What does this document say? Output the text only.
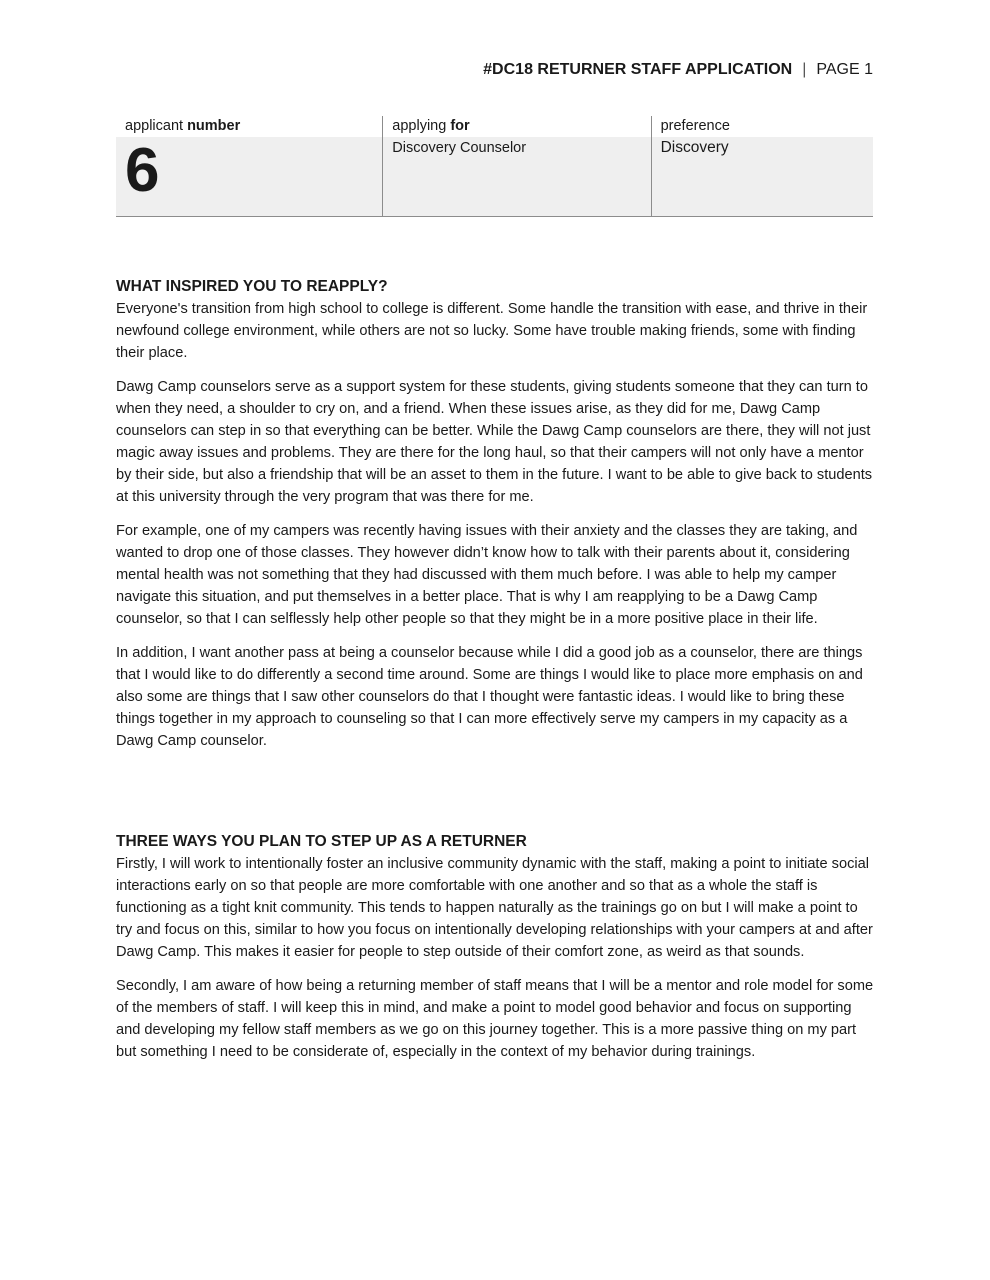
#DC18 RETURNER STAFF APPLICATION | PAGE 1
applicant number
6
applying for
Discovery Counselor
preference
Discovery
WHAT INSPIRED YOU TO REAPPLY?

Everyone's transition from high school to college is different. Some handle the transition with ease, and thrive in their newfound college environment, while others are not so lucky. Some have trouble making friends, some with finding their place.

Dawg Camp counselors serve as a support system for these students, giving students someone that they can turn to when they need, a shoulder to cry on, and a friend. When these issues arise, as they did for me, Dawg Camp counselors can step in so that everything can be better. While the Dawg Camp counselors are there, they will not just magic away issues and problems. They are there for the long haul, so that their campers will not only have a mentor by their side, but also a friendship that will be an asset to them in the future. I want to be able to give back to students at this university through the very program that was there for me.

For example, one of my campers was recently having issues with their anxiety and the classes they are taking, and wanted to drop one of those classes. They however didn’t know how to talk with their parents about it, considering mental health was not something that they had discussed with them much before. I was able to help my camper navigate this situation, and put themselves in a better place. That is why I am reapplying to be a Dawg Camp counselor, so that I can selflessly help other people so that they might be in a more positive place in their life.

In addition, I want another pass at being a counselor because while I did a good job as a counselor, there are things that I would like to do differently a second time around. Some are things I would like to place more emphasis on and also some are things that I saw other counselors do that I thought were fantastic ideas. I would like to bring these things together in my approach to counseling so that I can more effectively serve my campers in my capacity as a Dawg Camp counselor.

THREE WAYS YOU PLAN TO STEP UP AS A RETURNER

Firstly, I will work to intentionally foster an inclusive community dynamic with the staff, making a point to initiate social interactions early on so that people are more comfortable with one another and so that as a whole the staff is functioning as a tight knit community. This tends to happen naturally as the trainings go on but I will make a point to try and focus on this, similar to how you focus on intentionally developing relationships with your campers at and after Dawg Camp. This makes it easier for people to step outside of their comfort zone, as weird as that sounds.

Secondly, I am aware of how being a returning member of staff means that I will be a mentor and role model for some of the members of staff. I will keep this in mind, and make a point to model good behavior and focus on supporting and developing my fellow staff members as we go on this journey together. This is a more passive thing on my part but something I need to be considerate of, especially in the context of my behavior during trainings.
